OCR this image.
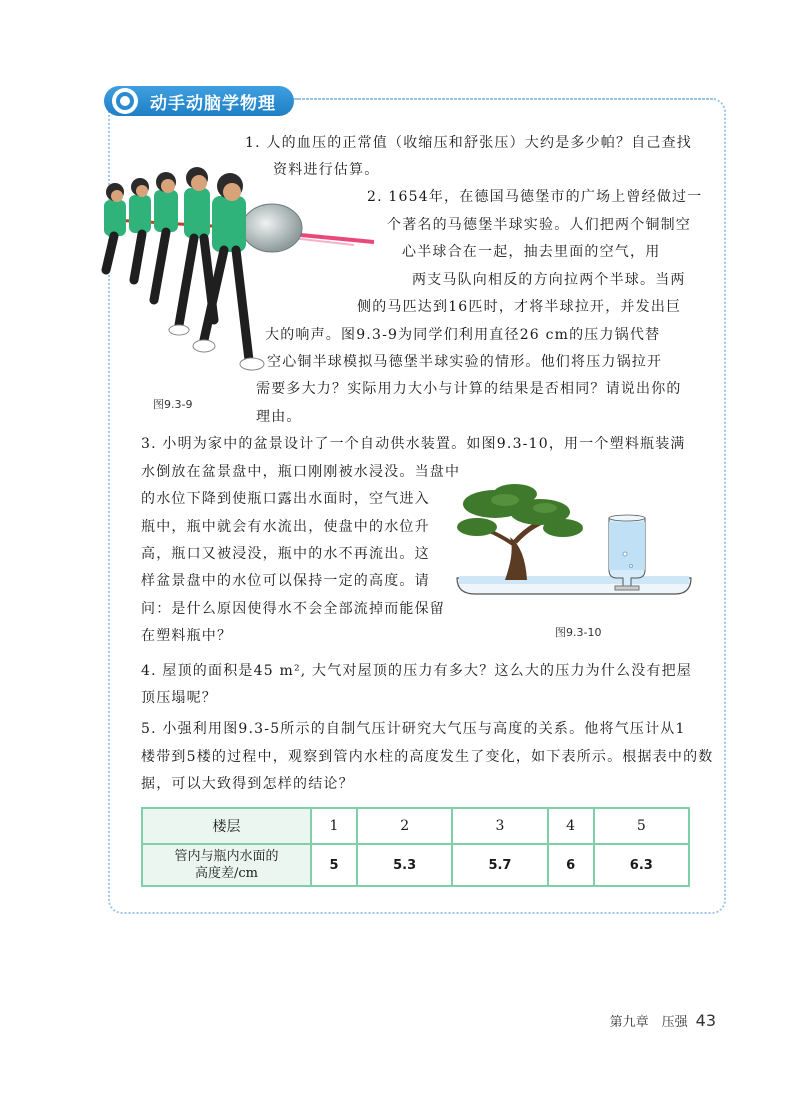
动手动脑学物理
图9.3-9
1. 人的血压的正常值（收缩压和舒张压）大约是多少帕？自己查找
资料进行估算。
2. 1654年，在德国马德堡市的广场上曾经做过一
个著名的马德堡半球实验。人们把两个铜制空
心半球合在一起，抽去里面的空气，用
两支马队向相反的方向拉两个半球。当两
侧的马匹达到16匹时，才将半球拉开，并发出巨
大的响声。图9.3-9为同学们利用直径26 cm的压力锅代替
空心铜半球模拟马德堡半球实验的情形。他们将压力锅拉开
需要多大力？实际用力大小与计算的结果是否相同？请说出你的
理由。
3. 小明为家中的盆景设计了一个自动供水装置。如图9.3-10，用一个塑料瓶装满
水倒放在盆景盘中，瓶口刚刚被水浸没。当盘中
的水位下降到使瓶口露出水面时，空气进入
瓶中，瓶中就会有水流出，使盘中的水位升
高，瓶口又被浸没，瓶中的水不再流出。这
样盆景盘中的水位可以保持一定的高度。请
问：是什么原因使得水不会全部流掉而能保留
在塑料瓶中？	图9.3-10
4. 屋顶的面积是45 m², 大气对屋顶的压力有多大？这么大的压力为什么没有把屋
顶压塌呢？
5. 小强利用图9.3-5所示的自制气压计研究大气压与高度的关系。他将气压计从1
楼带到5楼的过程中，观察到管内水柱的高度发生了变化，如下表所示。根据表中的数
据，可以大致得到怎样的结论？
楼层	1	2	3	4	5

管内与瓶内水面的
高度差/cm	5	5.3	5.7	6	6.3
第九章　压强 43
